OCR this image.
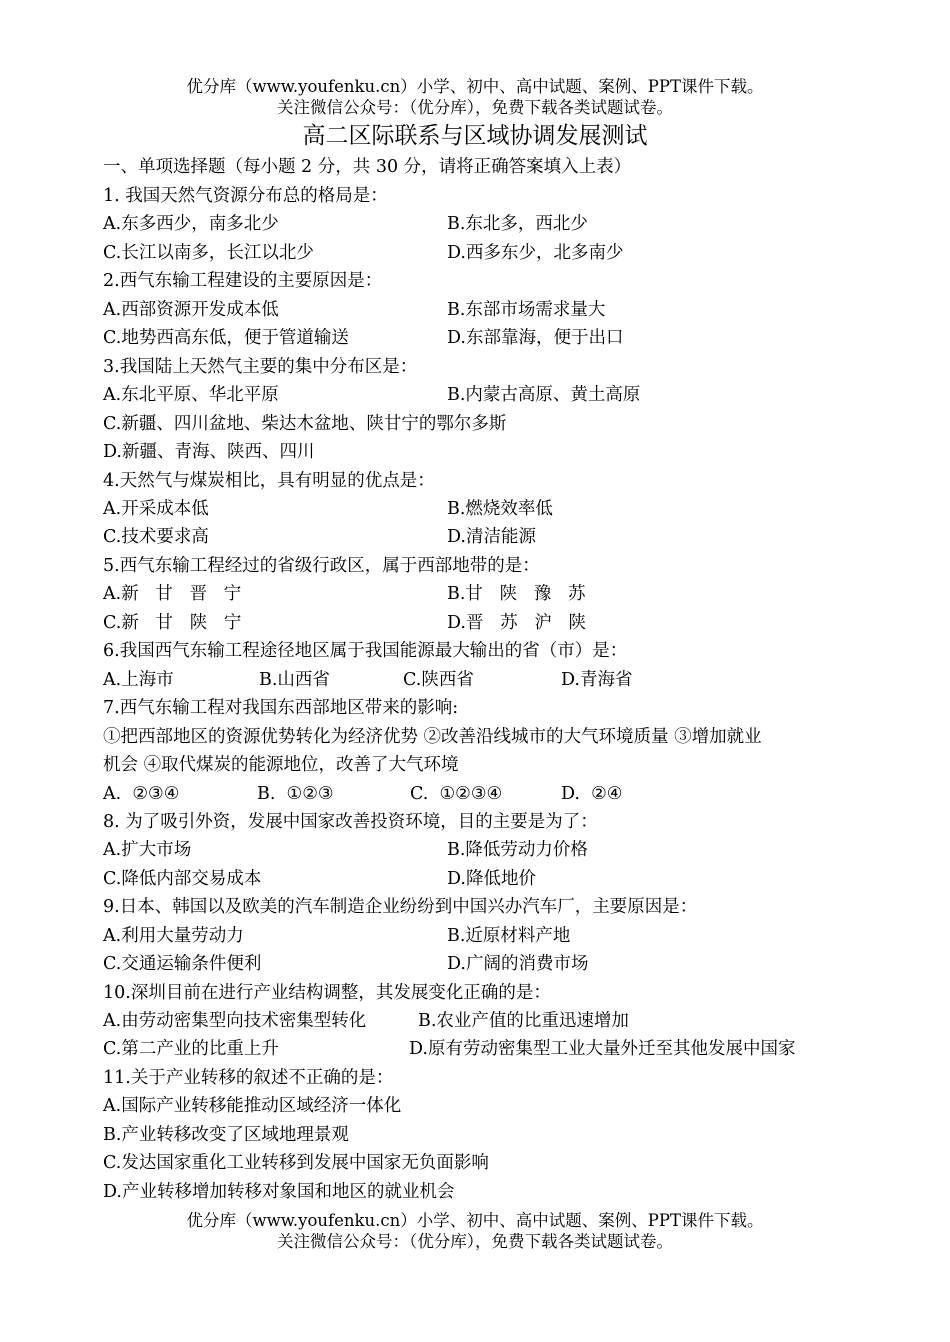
优分库（www.youfenku.cn）小学、初中、高中试题、案例、PPT课件下载。
关注微信公众号：（优分库），免费下载各类试题试卷。
高二区际联系与区域协调发展测试
一、单项选择题（每小题 2 分，共 30 分，请将正确答案填入上表）
1. 我国天然气资源分布总的格局是：
A.东多西少，南多北少	B.东北多，西北少
C.长江以南多，长江以北少	D.西多东少，北多南少
2.西气东输工程建设的主要原因是：
A.西部资源开发成本低	B.东部市场需求量大
C.地势西高东低，便于管道输送	D.东部靠海，便于出口
3.我国陆上天然气主要的集中分布区是：
A.东北平原、华北平原	B.内蒙古高原、黄土高原
C.新疆、四川盆地、柴达木盆地、陕甘宁的鄂尔多斯
D.新疆、青海、陕西、四川
4.天然气与煤炭相比，具有明显的优点是：
A.开采成本低	B.燃烧效率低
C.技术要求高	D.清洁能源
5.西气东输工程经过的省级行政区，属于西部地带的是：
A.新   甘   晋   宁	B.甘   陕   豫   苏
C.新   甘   陕   宁	D.晋   苏   沪   陕
6.我国西气东输工程途径地区属于我国能源最大输出的省（市）是：
A.上海市	B.山西省	C.陕西省	D.青海省
7.西气东输工程对我国东西部地区带来的影响:
①把西部地区的资源优势转化为经济优势 ②改善沿线城市的大气环境质量 ③增加就业
机会 ④取代煤炭的能源地位，改善了大气环境
A.  ②③④	B.  ①②③	C.  ①②③④	D.  ②④
8. 为了吸引外资，发展中国家改善投资环境，目的主要是为了：
A.扩大市场	B.降低劳动力价格
C.降低内部交易成本	D.降低地价
9.日本、韩国以及欧美的汽车制造企业纷纷到中国兴办汽车厂，主要原因是：
A.利用大量劳动力	B.近原材料产地
C.交通运输条件便利	D.广阔的消费市场
10.深圳目前在进行产业结构调整，其发展变化正确的是：
A.由劳动密集型向技术密集型转化	B.农业产值的比重迅速增加
C.第二产业的比重上升	D.原有劳动密集型工业大量外迁至其他发展中国家
11.关于产业转移的叙述不正确的是：
A.国际产业转移能推动区域经济一体化
B.产业转移改变了区域地理景观
C.发达国家重化工业转移到发展中国家无负面影响
D.产业转移增加转移对象国和地区的就业机会
优分库（www.youfenku.cn）小学、初中、高中试题、案例、PPT课件下载。
关注微信公众号：（优分库），免费下载各类试题试卷。
